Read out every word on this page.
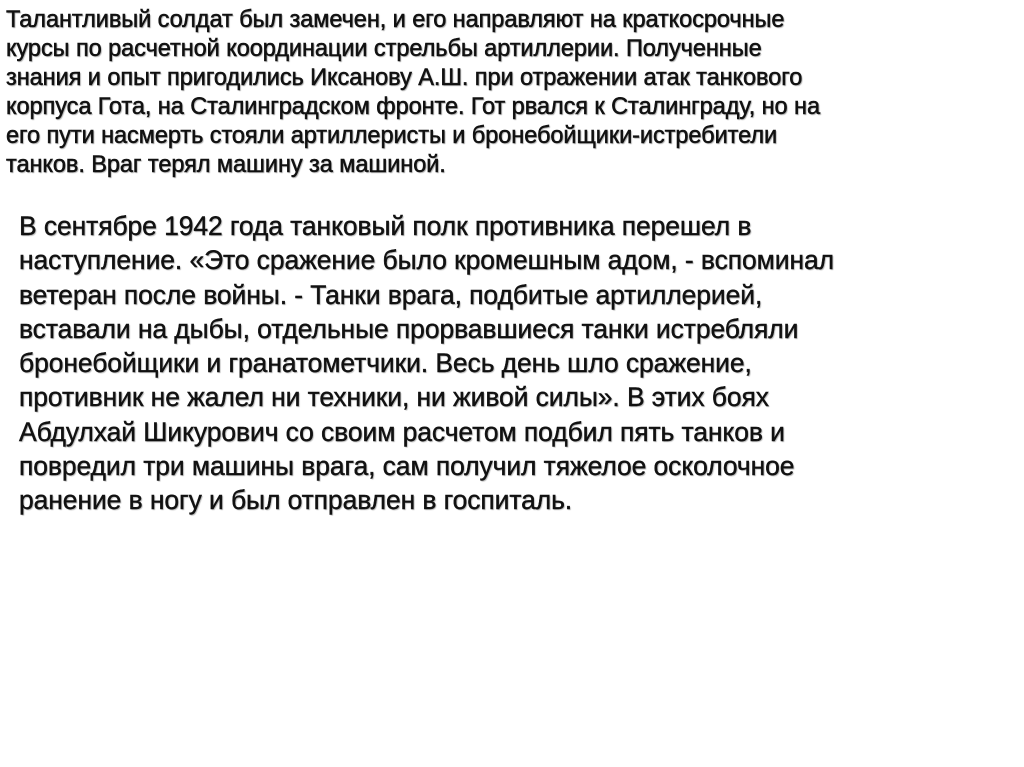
Талантливый солдат был замечен, и его направляют на краткосрочные
курсы по расчетной координации стрельбы артиллерии. Полученные
знания и опыт пригодились Иксанову А.Ш. при отражении атак танкового
корпуса Гота, на Сталинградском фронте. Гот рвался к Сталинграду, но на
его пути насмерть стояли артиллеристы и бронебойщики-истребители
танков. Враг терял машину за машиной.

В сентябре 1942 года танковый полк противника перешел в
наступление. «Это сражение было кромешным адом, - вспоминал
ветеран после войны. - Танки врага, подбитые артиллерией,
вставали на дыбы, отдельные прорвавшиеся танки истребляли
бронебойщики и гранатометчики. Весь день шло сражение,
противник не жалел ни техники, ни живой силы». В этих боях
Абдулхай Шикурович со своим расчетом подбил пять танков и
повредил три машины врага, сам получил тяжелое осколочное
ранение в ногу и был отправлен в госпиталь.
